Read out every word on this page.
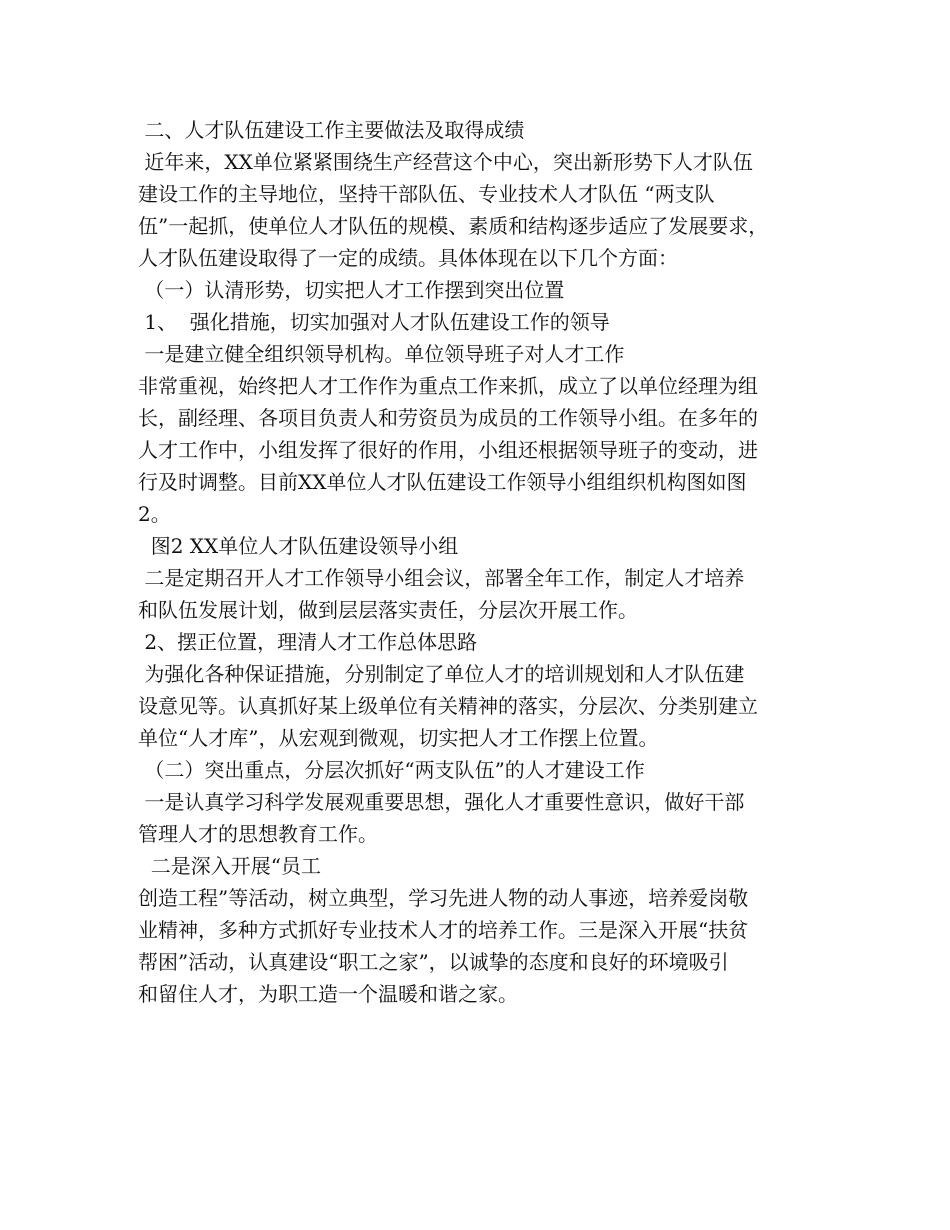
二、人才队伍建设工作主要做法及取得成绩
近年来，XX单位紧紧围绕生产经营这个中心，突出新形势下人才队伍
建设工作的主导地位，坚持干部队伍、专业技术人才队伍 “两支队
伍”一起抓，使单位人才队伍的规模、素质和结构逐步适应了发展要求，
人才队伍建设取得了一定的成绩。具体体现在以下几个方面：
（一）认清形势，切实把人才工作摆到突出位置
1、  强化措施，切实加强对人才队伍建设工作的领导
一是建立健全组织领导机构。单位领导班子对人才工作
非常重视，始终把人才工作作为重点工作来抓，成立了以单位经理为组
长，副经理、各项目负责人和劳资员为成员的工作领导小组。在多年的
人才工作中，小组发挥了很好的作用，小组还根据领导班子的变动，进
行及时调整。目前XX单位人才队伍建设工作领导小组组织机构图如图
2。
图2 XX单位人才队伍建设领导小组
二是定期召开人才工作领导小组会议，部署全年工作，制定人才培养
和队伍发展计划，做到层层落实责任，分层次开展工作。
2、摆正位置，理清人才工作总体思路
为强化各种保证措施，分别制定了单位人才的培训规划和人才队伍建
设意见等。认真抓好某上级单位有关精神的落实，分层次、分类别建立
单位“人才库”，从宏观到微观，切实把人才工作摆上位置。
（二）突出重点，分层次抓好“两支队伍”的人才建设工作
一是认真学习科学发展观重要思想，强化人才重要性意识，做好干部
管理人才的思想教育工作。
二是深入开展“员工
创造工程”等活动，树立典型，学习先进人物的动人事迹，培养爱岗敬
业精神，多种方式抓好专业技术人才的培养工作。三是深入开展“扶贫
帮困”活动，认真建设“职工之家”，以诚挚的态度和良好的环境吸引
和留住人才，为职工造一个温暖和谐之家。
